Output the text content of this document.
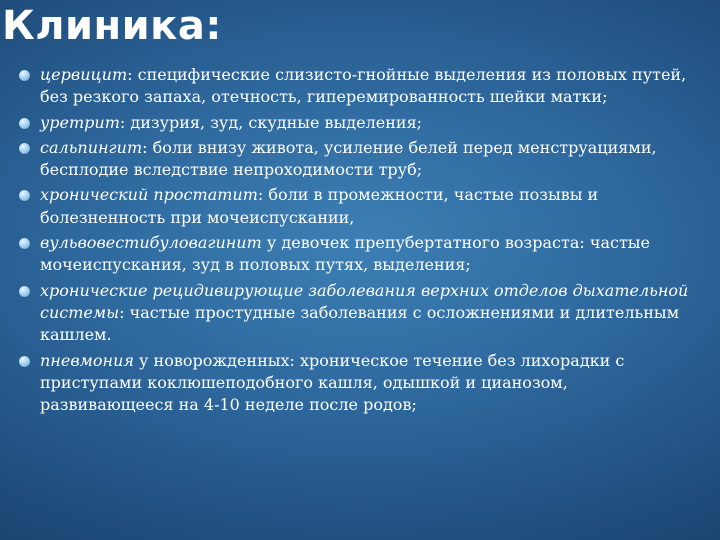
Клиника:
цервицит: специфические слизисто-гнойные выделения из половых путей, без резкого запаха, отечность, гиперемированность шейки матки;
уретрит: дизурия, зуд, скудные выделения;
сальпингит: боли внизу живота, усиление белей перед менструациями, бесплодие вследствие непроходимости труб;
хронический простатит: боли в промежности, частые позывы и болезненность при мочеиспускании,
вульвовестибуловагинит у девочек препубертатного возраста: частые мочеиспускания, зуд в половых путях, выделения;
хронические рецидивирующие заболевания верхних отделов дыхательной системы: частые простудные заболевания с осложнениями и длительным кашлем.
пневмония у новорожденных: хроническое течение без лихорадки с приступами коклюшеподобного кашля, одышкой и цианозом, развивающееся на 4-10 неделе после родов;
